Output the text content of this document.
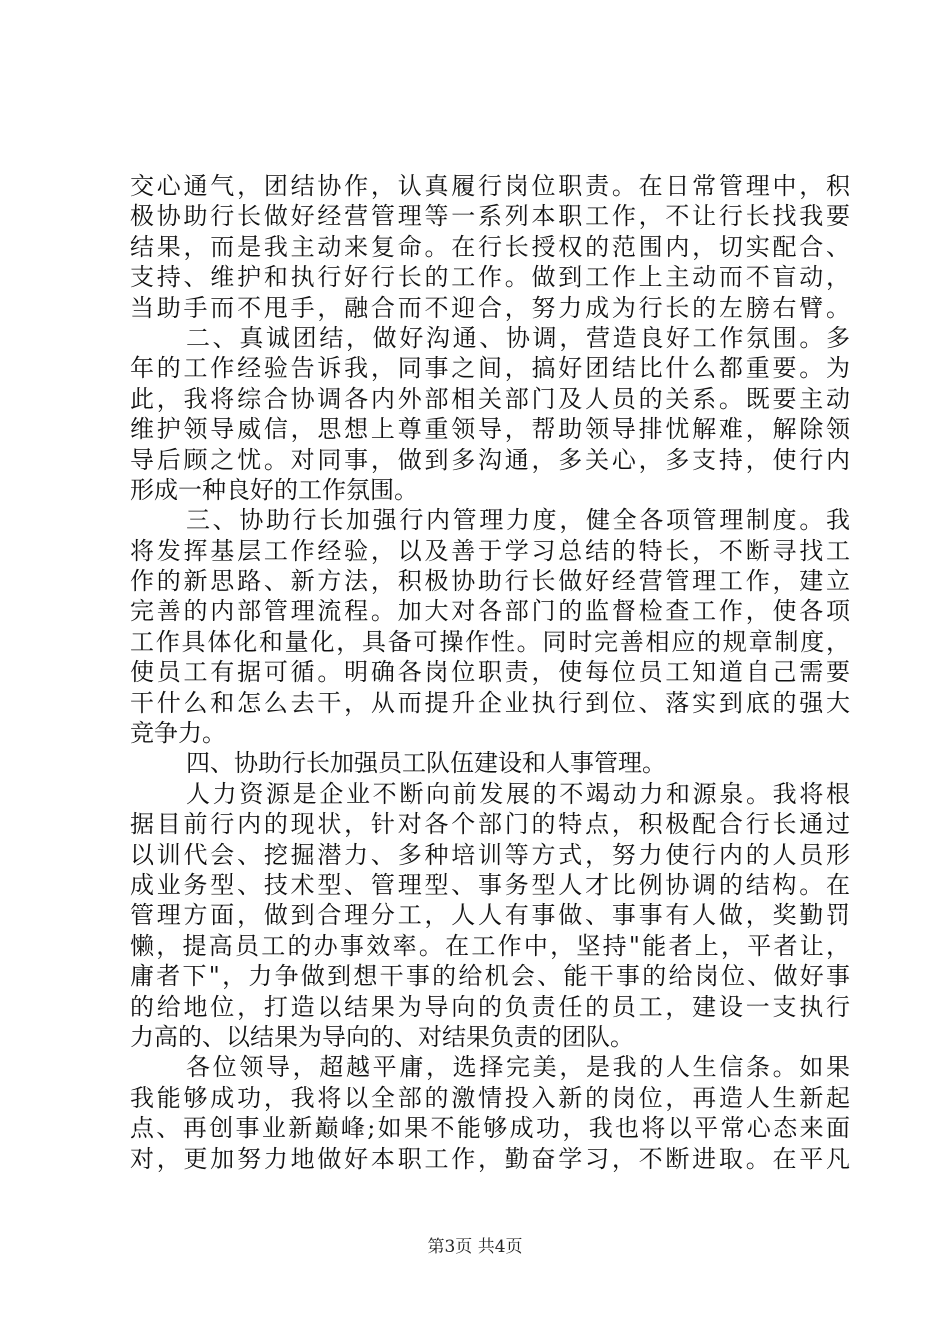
交心通气，团结协作，认真履行岗位职责。在日常管理中，积
极协助行长做好经营管理等一系列本职工作，不让行长找我要
结果，而是我主动来复命。在行长授权的范围内，切实配合、
支持、维护和执行好行长的工作。做到工作上主动而不盲动，
当助手而不甩手，融合而不迎合，努力成为行长的左膀右臂。
二、真诚团结，做好沟通、协调，营造良好工作氛围。多
年的工作经验告诉我，同事之间，搞好团结比什么都重要。为
此，我将综合协调各内外部相关部门及人员的关系。既要主动
维护领导威信，思想上尊重领导，帮助领导排忧解难，解除领
导后顾之忧。对同事，做到多沟通，多关心，多支持，使行内
形成一种良好的工作氛围。
三、协助行长加强行内管理力度，健全各项管理制度。我
将发挥基层工作经验，以及善于学习总结的特长，不断寻找工
作的新思路、新方法，积极协助行长做好经营管理工作，建立
完善的内部管理流程。加大对各部门的监督检查工作，使各项
工作具体化和量化，具备可操作性。同时完善相应的规章制度，
使员工有据可循。明确各岗位职责，使每位员工知道自己需要
干什么和怎么去干，从而提升企业执行到位、落实到底的强大
竞争力。
四、协助行长加强员工队伍建设和人事管理。
人力资源是企业不断向前发展的不竭动力和源泉。我将根
据目前行内的现状，针对各个部门的特点，积极配合行长通过
以训代会、挖掘潜力、多种培训等方式，努力使行内的人员形
成业务型、技术型、管理型、事务型人才比例协调的结构。在
管理方面，做到合理分工，人人有事做、事事有人做，奖勤罚
懒，提高员工的办事效率。在工作中，坚持"能者上，平者让，
庸者下"，力争做到想干事的给机会、能干事的给岗位、做好事
的给地位，打造以结果为导向的负责任的员工，建设一支执行
力高的、以结果为导向的、对结果负责的团队。
各位领导，超越平庸，选择完美，是我的人生信条。如果
我能够成功，我将以全部的激情投入新的岗位，再造人生新起
点、再创事业新巅峰;如果不能够成功，我也将以平常心态来面
对，更加努力地做好本职工作，勤奋学习，不断进取。在平凡
第3页 共4页
